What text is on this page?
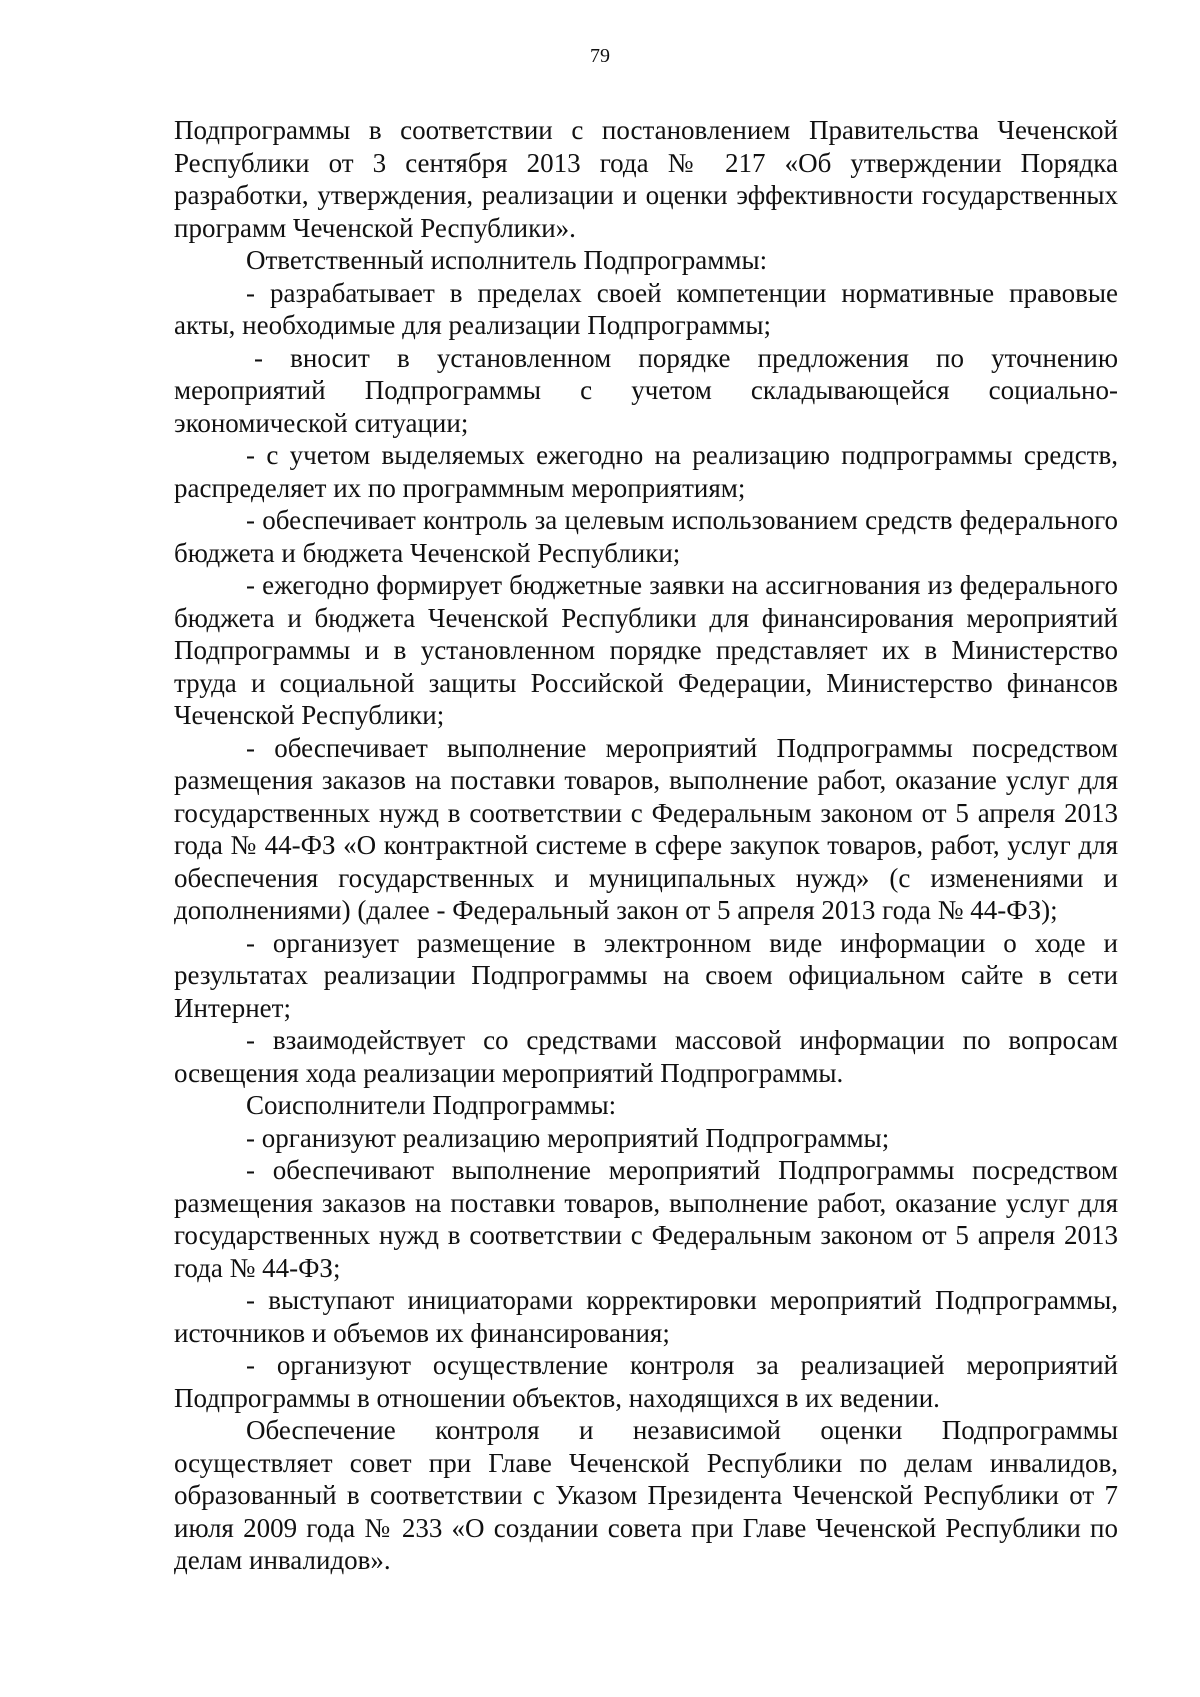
79

Подпрограммы в соответствии с постановлением Правительства Чеченской Республики от 3 сентября 2013 года № 217 «Об утверждении Порядка разработки, утверждения, реализации и оценки эффективности государственных программ Чеченской Республики».

Ответственный исполнитель Подпрограммы:

- разрабатывает в пределах своей компетенции нормативные правовые акты, необходимые для реализации Подпрограммы;

- вносит в установленном порядке предложения по уточнению мероприятий Подпрограммы с учетом складывающейся социально-экономической ситуации;

- с учетом выделяемых ежегодно на реализацию подпрограммы средств, распределяет их по программным мероприятиям;

- обеспечивает контроль за целевым использованием средств федерального бюджета и бюджета Чеченской Республики;

- ежегодно формирует бюджетные заявки на ассигнования из федерального бюджета и бюджета Чеченской Республики для финансирования мероприятий Подпрограммы и в установленном порядке представляет их в Министерство труда и социальной защиты Российской Федерации, Министерство финансов Чеченской Республики;

- обеспечивает выполнение мероприятий Подпрограммы посредством размещения заказов на поставки товаров, выполнение работ, оказание услуг для государственных нужд в соответствии с Федеральным законом от 5 апреля 2013 года № 44-ФЗ «О контрактной системе в сфере закупок товаров, работ, услуг для обеспечения государственных и муниципальных нужд» (с изменениями и дополнениями) (далее - Федеральный закон от 5 апреля 2013 года № 44-ФЗ);

- организует размещение в электронном виде информации о ходе и результатах реализации Подпрограммы на своем официальном сайте в сети Интернет;

- взаимодействует со средствами массовой информации по вопросам освещения хода реализации мероприятий Подпрограммы.

Соисполнители Подпрограммы:

- организуют реализацию мероприятий Подпрограммы;

- обеспечивают выполнение мероприятий Подпрограммы посредством размещения заказов на поставки товаров, выполнение работ, оказание услуг для государственных нужд в соответствии с Федеральным законом от 5 апреля 2013 года № 44-ФЗ;

- выступают инициаторами корректировки мероприятий Подпрограммы, источников и объемов их финансирования;

- организуют осуществление контроля за реализацией мероприятий Подпрограммы в отношении объектов, находящихся в их ведении.

Обеспечение контроля и независимой оценки Подпрограммы осуществляет совет при Главе Чеченской Республики по делам инвалидов, образованный в соответствии с Указом Президента Чеченской Республики от 7 июля 2009 года № 233 «О создании совета при Главе Чеченской Республики по делам инвалидов».
